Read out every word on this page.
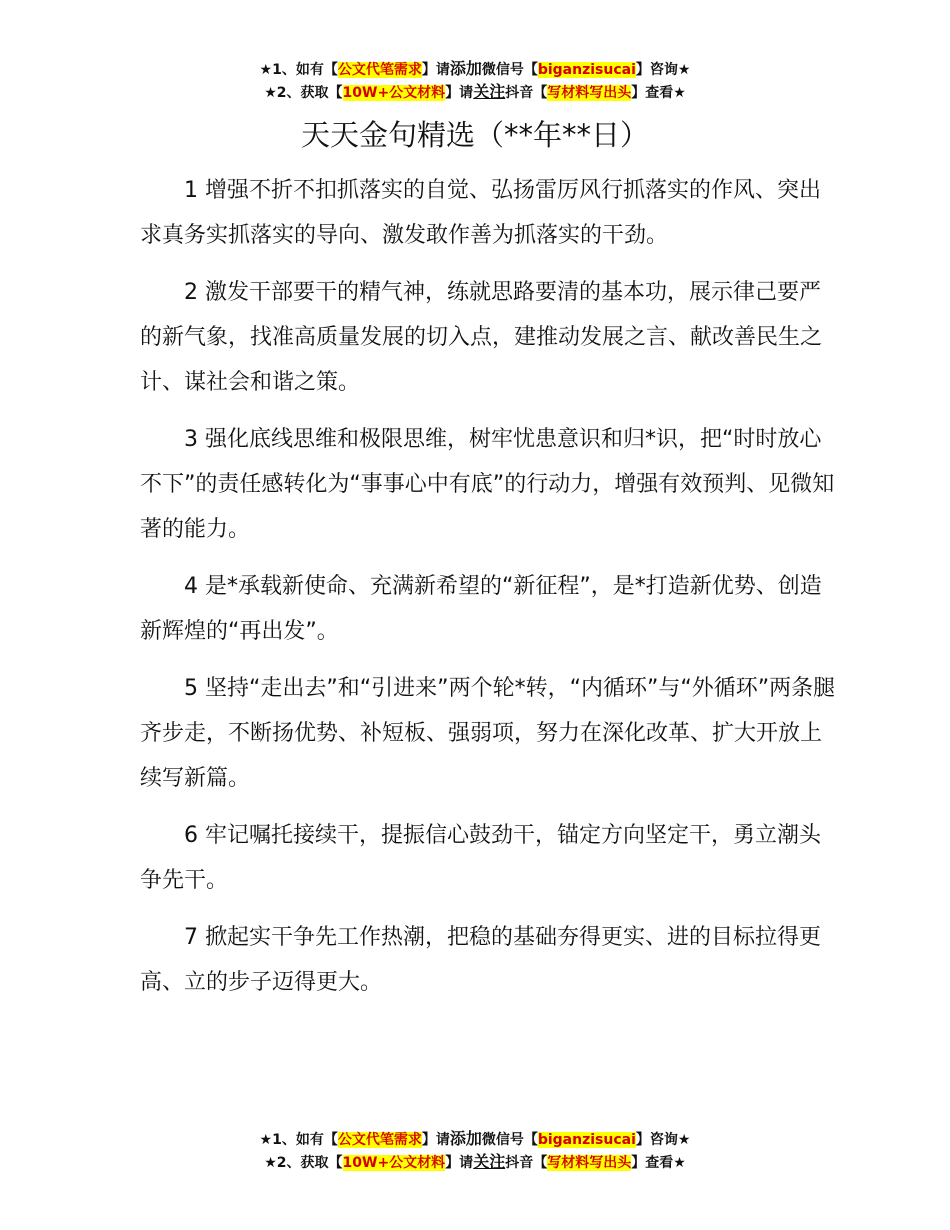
★1、如有【公文代笔需求】请添加微信号【biganzisucai】咨询★
★2、获取【10W+公文材料】请关注抖音【写材料写出头】查看★
天天金句精选（**年**日）

1 增强不折不扣抓落实的自觉、弘扬雷厉风行抓落实的作风、突出求真务实抓落实的导向、激发敢作善为抓落实的干劲。

2 激发干部要干的精气神，练就思路要清的基本功，展示律己要严的新气象，找准高质量发展的切入点，建推动发展之言、献改善民生之计、谋社会和谐之策。

3 强化底线思维和极限思维，树牢忧患意识和归*识，把“时时放心不下”的责任感转化为“事事心中有底”的行动力，增强有效预判、见微知著的能力。

4 是*承载新使命、充满新希望的“新征程”，是*打造新优势、创造新辉煌的“再出发”。

5 坚持“走出去”和“引进来”两个轮*转，“内循环”与“外循环”两条腿齐步走，不断扬优势、补短板、强弱项，努力在深化改革、扩大开放上续写新篇。

6 牢记嘱托接续干，提振信心鼓劲干，锚定方向坚定干，勇立潮头争先干。

7 掀起实干争先工作热潮，把稳的基础夯得更实、进的目标拉得更高、立的步子迈得更大。

★1、如有【公文代笔需求】请添加微信号【biganzisucai】咨询★
★2、获取【10W+公文材料】请关注抖音【写材料写出头】查看★
